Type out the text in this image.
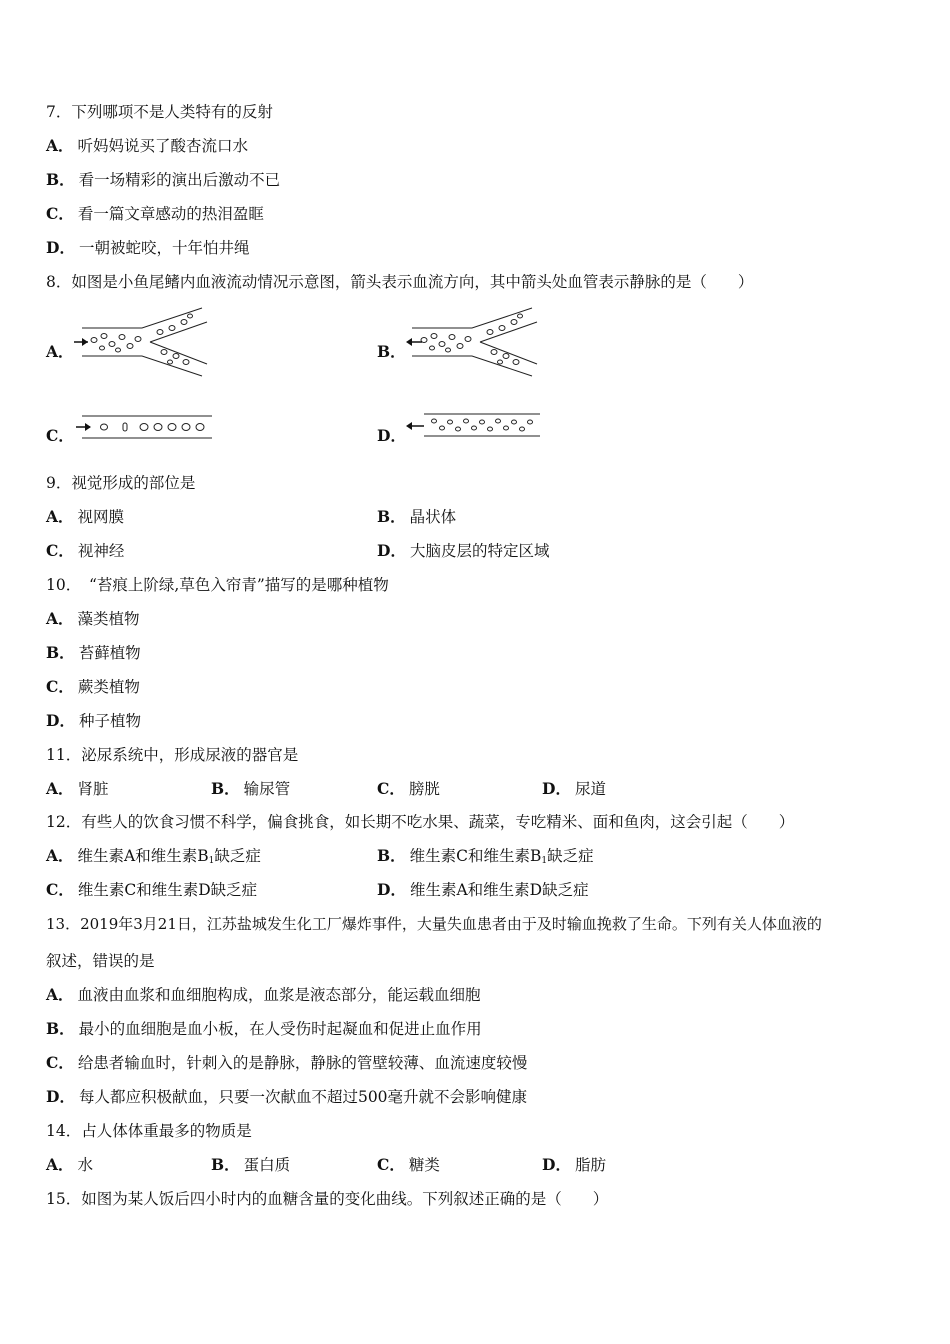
7．下列哪项不是人类特有的反射
A． 听妈妈说买了酸杏流口水
B． 看一场精彩的演出后激动不已
C． 看一篇文章感动的热泪盈眶
D． 一朝被蛇咬，十年怕井绳
8．如图是小鱼尾鳍内血液流动情况示意图，箭头表示血流方向，其中箭头处血管表示静脉的是（　　）
A．	B．
C．	D．
9．视觉形成的部位是
A． 视网膜	B． 晶状体
C． 视神经	D． 大脑皮层的特定区域
10．　“苔痕上阶绿,草色入帘青”描写的是哪种植物
A． 藻类植物
B． 苔藓植物
C． 蕨类植物
D． 种子植物
11．泌尿系统中，形成尿液的器官是
A． 肾脏	B． 输尿管	C． 膀胱	D． 尿道
12．有些人的饮食习惯不科学，偏食挑食，如长期不吃水果、蔬菜，专吃精米、面和鱼肉，这会引起（　　）
A． 维生素A和维生素$B_1$缺乏症	B． 维生素C和维生素$B_1$缺乏症
C． 维生素C和维生素D缺乏症	D． 维生素A和维生素D缺乏症
13．2019年3月21日，江苏盐城发生化工厂爆炸事件，大量失血患者由于及时输血挽救了生命。下列有关人体血液的
叙述，错误的是
A． 血液由血浆和血细胞构成，血浆是液态部分，能运载血细胞
B． 最小的血细胞是血小板，在人受伤时起凝血和促进止血作用
C． 给患者输血时，针刺入的是静脉，静脉的管壁较薄、血流速度较慢
D． 每人都应积极献血，只要一次献血不超过500毫升就不会影响健康
14．占人体体重最多的物质是
A． 水	B． 蛋白质	C． 糖类	D． 脂肪
15．如图为某人饭后四小时内的血糖含量的变化曲线。下列叙述正确的是（　　）
